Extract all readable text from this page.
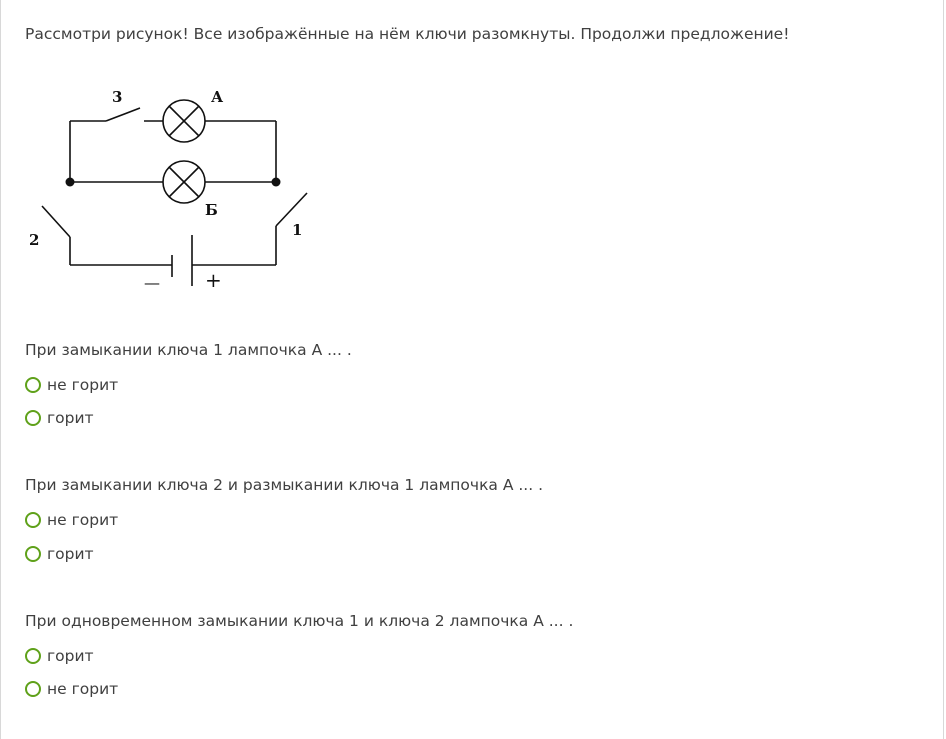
Рассмотри рисунок! Все изображённые на нём ключи разомкнуты. Продолжи предложение!
3	А
Б
2
1
— +
При замыкании ключа 1 лампочка А ... .
не горит
горит
При замыкании ключа 2 и размыкании ключа 1 лампочка А ... .
не горит
горит
При одновременном замыкании ключа 1 и ключа 2 лампочка А ... .
горит
не горит
